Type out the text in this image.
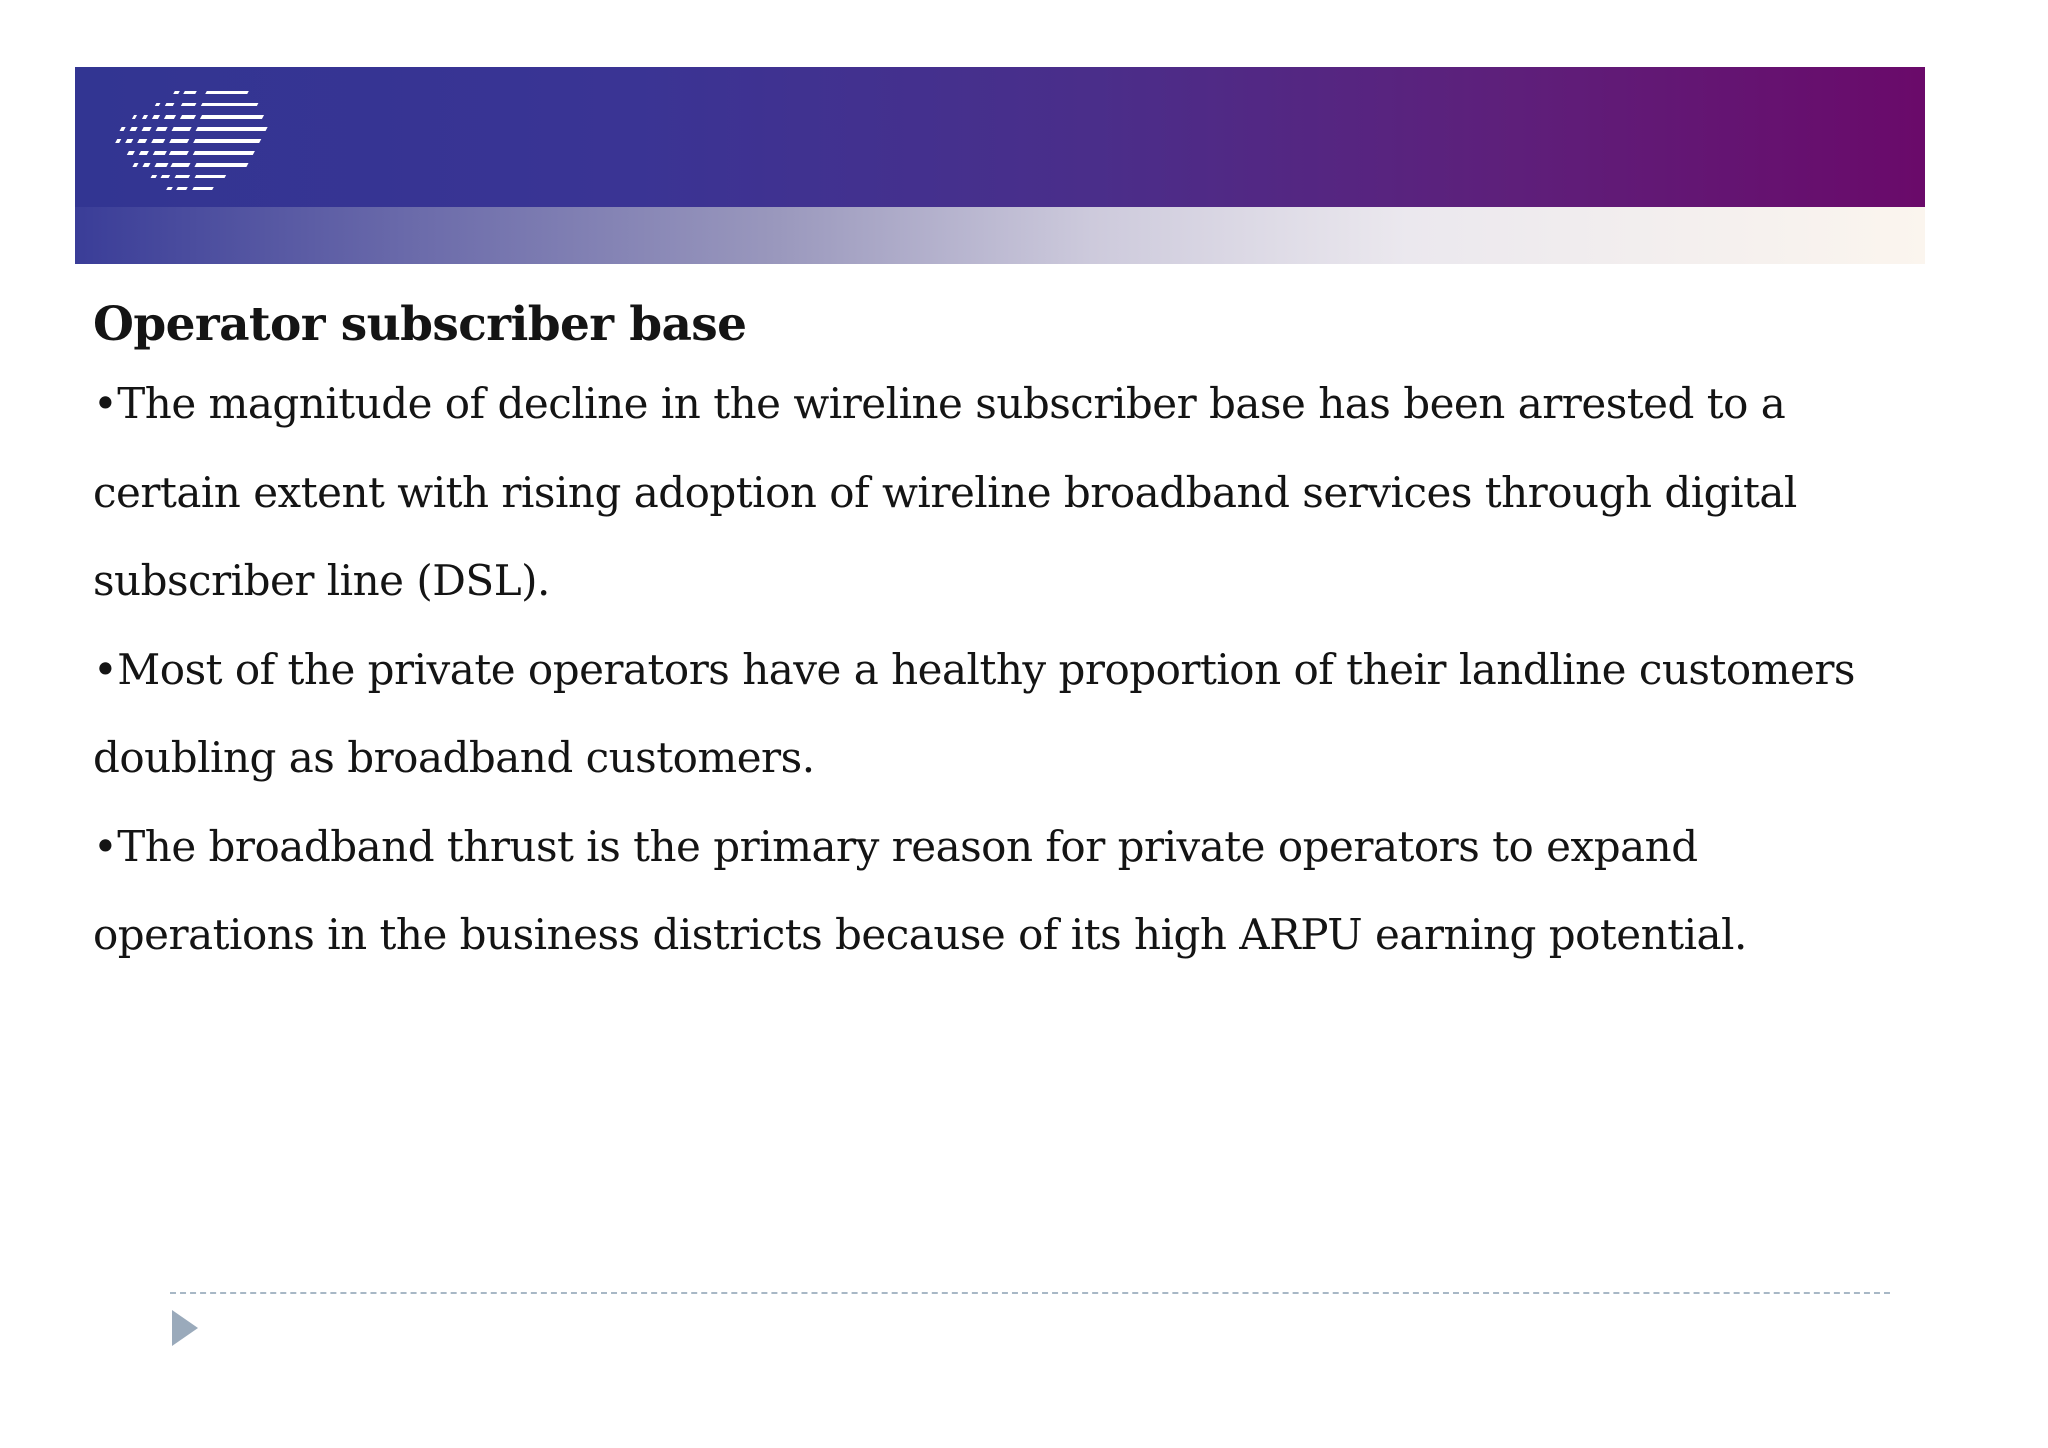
Operator subscriber base

•The magnitude of decline in the wireline subscriber base has been arrested to a

certain extent with rising adoption of wireline broadband services through digital

subscriber line (DSL).

•Most of the private operators have a healthy proportion of their landline customers

doubling as broadband customers.

•The broadband thrust is the primary reason for private operators to expand

operations in the business districts because of its high ARPU earning potential.
